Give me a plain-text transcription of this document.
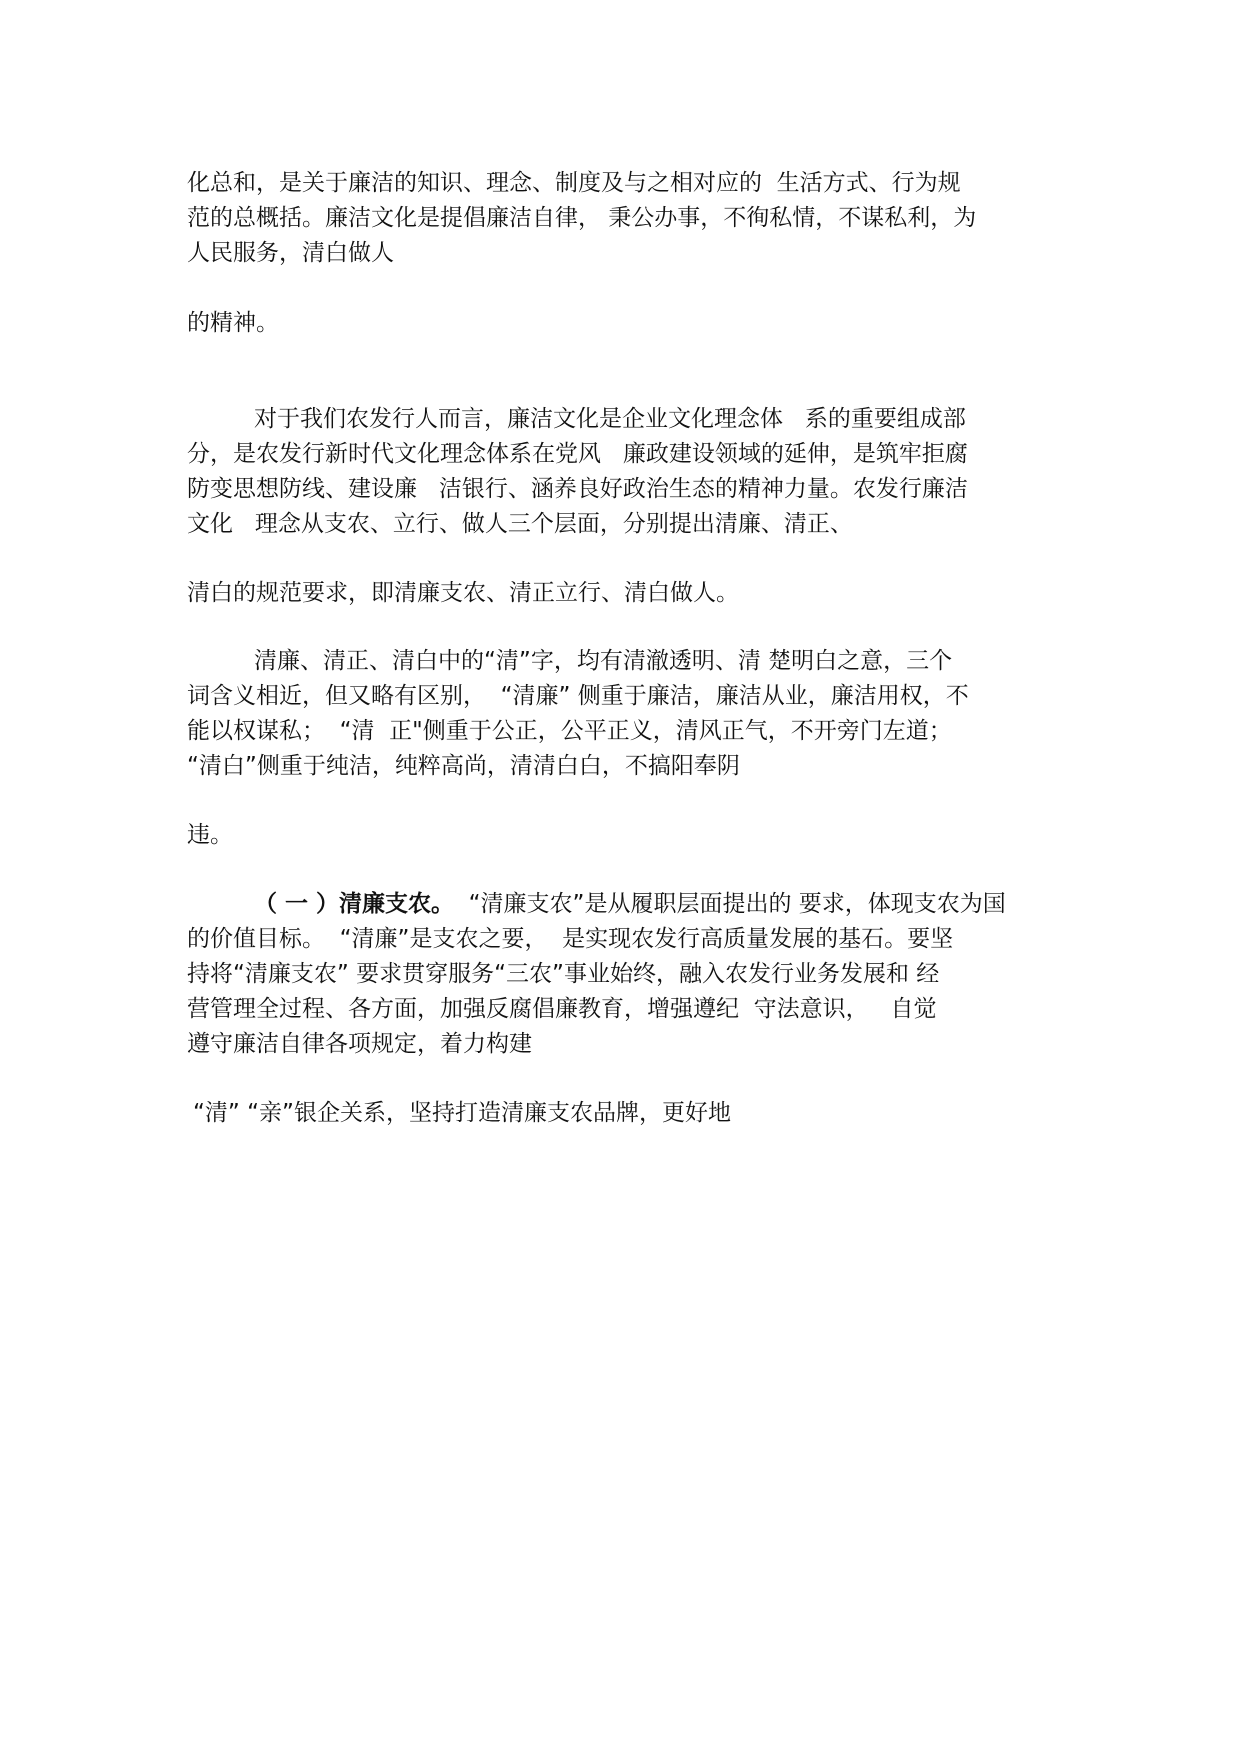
化总和，是关于廉洁的知识、理念、制度及与之相对应的  生活方式、行为规

范的总概括。廉洁文化是提倡廉洁自律， 秉公办事，不徇私情，不谋私利，为

人民服务，清白做人

的精神。

对于我们农发行人而言，廉洁文化是企业文化理念体   系的重要组成部

分，是农发行新时代文化理念体系在党风   廉政建设领域的延伸，是筑牢拒腐

防变思想防线、建设廉   洁银行、涵养良好政治生态的精神力量。农发行廉洁

文化   理念从支农、立行、做人三个层面，分别提出清廉、清正、

清白的规范要求，即清廉支农、清正立行、清白做人。

清廉、清正、清白中的“清”字，均有清澈透明、清 楚明白之意，三个

词含义相近，但又略有区别，  “清廉” 侧重于廉洁，廉洁从业，廉洁用权，不

能以权谋私；  “清  正"侧重于公正，公平正义，清风正气，不开旁门左道；

“清白”侧重于纯洁，纯粹高尚，清清白白，不搞阳奉阴

违。

（ 一 ）清廉支农。  “清廉支农”是从履职层面提出的 要求，体现支农为国

的价值目标。  “清廉”是支农之要，  是实现农发行高质量发展的基石。要坚

持将“清廉支农” 要求贯穿服务“三农”事业始终，融入农发行业务发展和 经

营管理全过程、各方面，加强反腐倡廉教育，增强遵纪  守法意识，   自觉

遵守廉洁自律各项规定，着力构建

“清” “亲”银企关系，坚持打造清廉支农品牌，更好地
